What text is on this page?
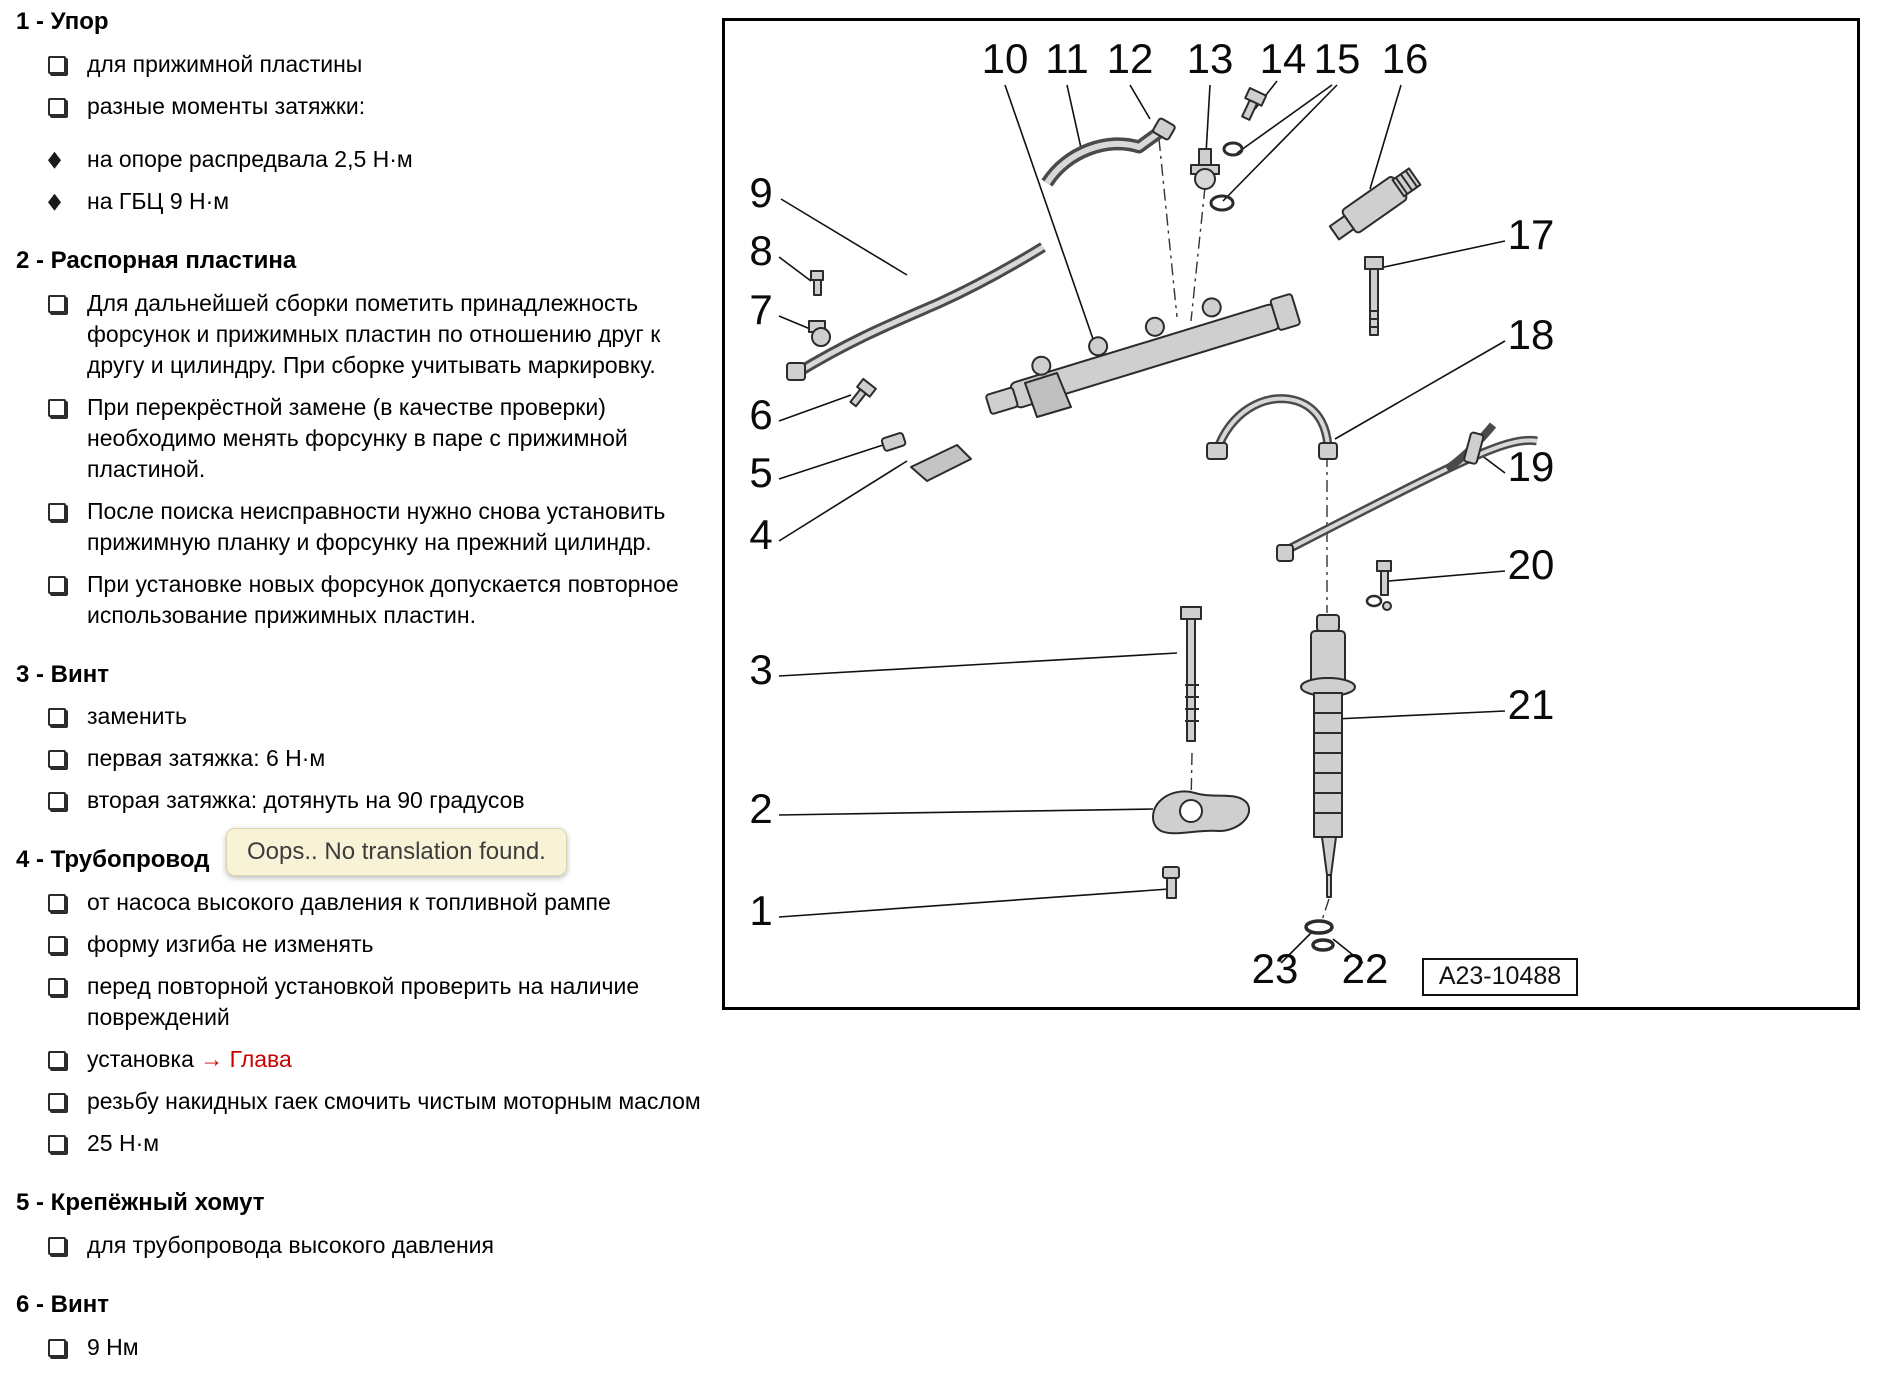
1 - Упор
для прижимной пластины
разные моменты затяжки:
на опоре распредвала 2,5 Н·м
на ГБЦ 9 Н·м
2 - Распорная пластина
Для дальнейшей сборки пометить принадлежность форсунок и прижимных пластин по отношению друг к другу и цилиндру. При сборке учитывать маркировку.
При перекрёстной замене (в качестве проверки) необходимо менять форсунку в паре с прижимной пластиной.
После поиска неисправности нужно снова установить прижимную планку и форсунку на прежний цилиндр.
При установке новых форсунок допускается повторное использование прижимных пластин.
3 - Винт
заменить
первая затяжка: 6 Н·м
вторая затяжка: дотянуть на 90 градусов
4 - Трубопровод	Oops.. No translation found.
от насоса высокого давления к топливной рампе
форму изгиба не изменять
перед повторной установкой проверить на наличие повреждений
установка → Глава
резьбу накидных гаек смочить чистым моторным маслом
25 Н·м
5 - Крепёжный хомут
для трубопровода высокого давления
6 - Винт
9 Нм
10 11 12 13 14 15 16
9
8
7
6
5
4
3
2
1
17
18
19
20
21
23 22 A23-10488
